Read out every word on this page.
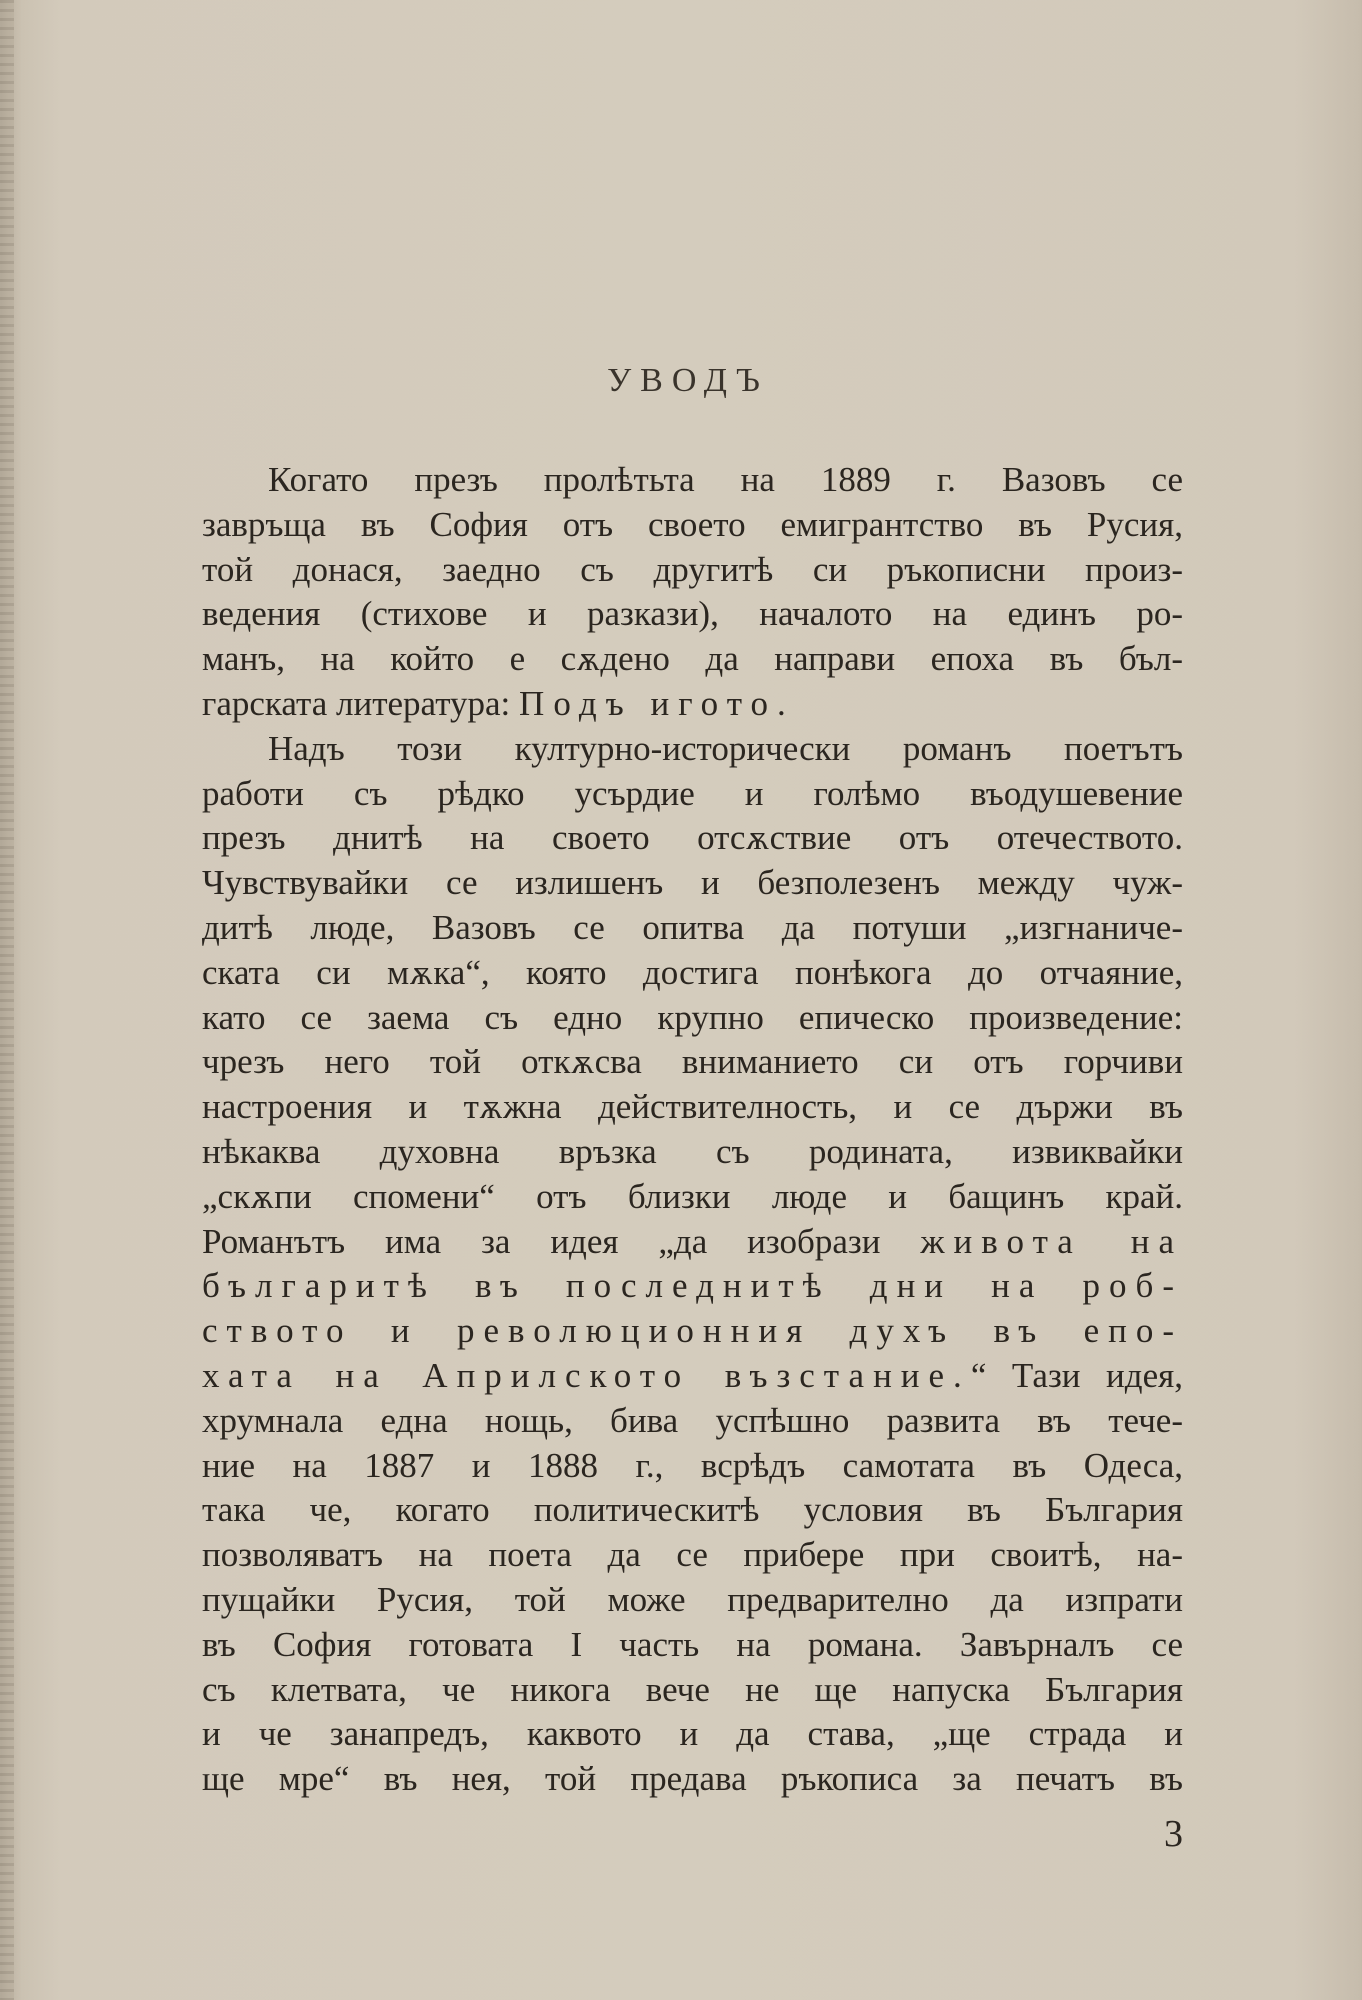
УВОДЪ
Когато презъ пролѣтьта на 1889 г. Вазовъ се
завръща въ София отъ своето емигрантство въ Русия,
той донася, заедно съ другитѣ си ръкописни произ-
ведения (стихове и разкази), началото на единъ ро-
манъ, на който е сѫдено да направи епоха въ бъл-
гарската литература: Подъ игото.
Надъ този културно-исторически романъ поетътъ
работи съ рѣдко усърдие и голѣмо въодушевение
презъ днитѣ на своето отсѫствие отъ отечеството.
Чувствувайки се излишенъ и безполезенъ между чуж-
дитѣ люде, Вазовъ се опитва да потуши „изгнаниче-
ската си мѫка“, която достига понѣкога до отчаяние,
като се заема съ едно крупно епическо произведение:
чрезъ него той откѫсва вниманието си отъ горчиви
настроения и тѫжна действителность, и се държи въ
нѣкаква духовна връзка съ родината, извиквайки
„скѫпи спомени“ отъ близки люде и бащинъ край.
Романътъ има за идея „да изобрази живота на
българитѣ въ последнитѣ дни на роб-
ството и революционния духъ въ епо-
хата на Априлското възстание.“ Тази идея,
хрумнала една нощь, бива успѣшно развита въ тече-
ние на 1887 и 1888 г., всрѣдъ самотата въ Одеса,
така че, когато политическитѣ условия въ България
позволяватъ на поета да се прибере при своитѣ, на-
пущайки Русия, той може предварително да изпрати
въ София готовата I часть на романа. Завърналъ се
съ клетвата, че никога вече не ще напуска България
и че занапредъ, каквото и да става, „ще страда и
ще мре“ въ нея, той предава ръкописа за печатъ въ
3
